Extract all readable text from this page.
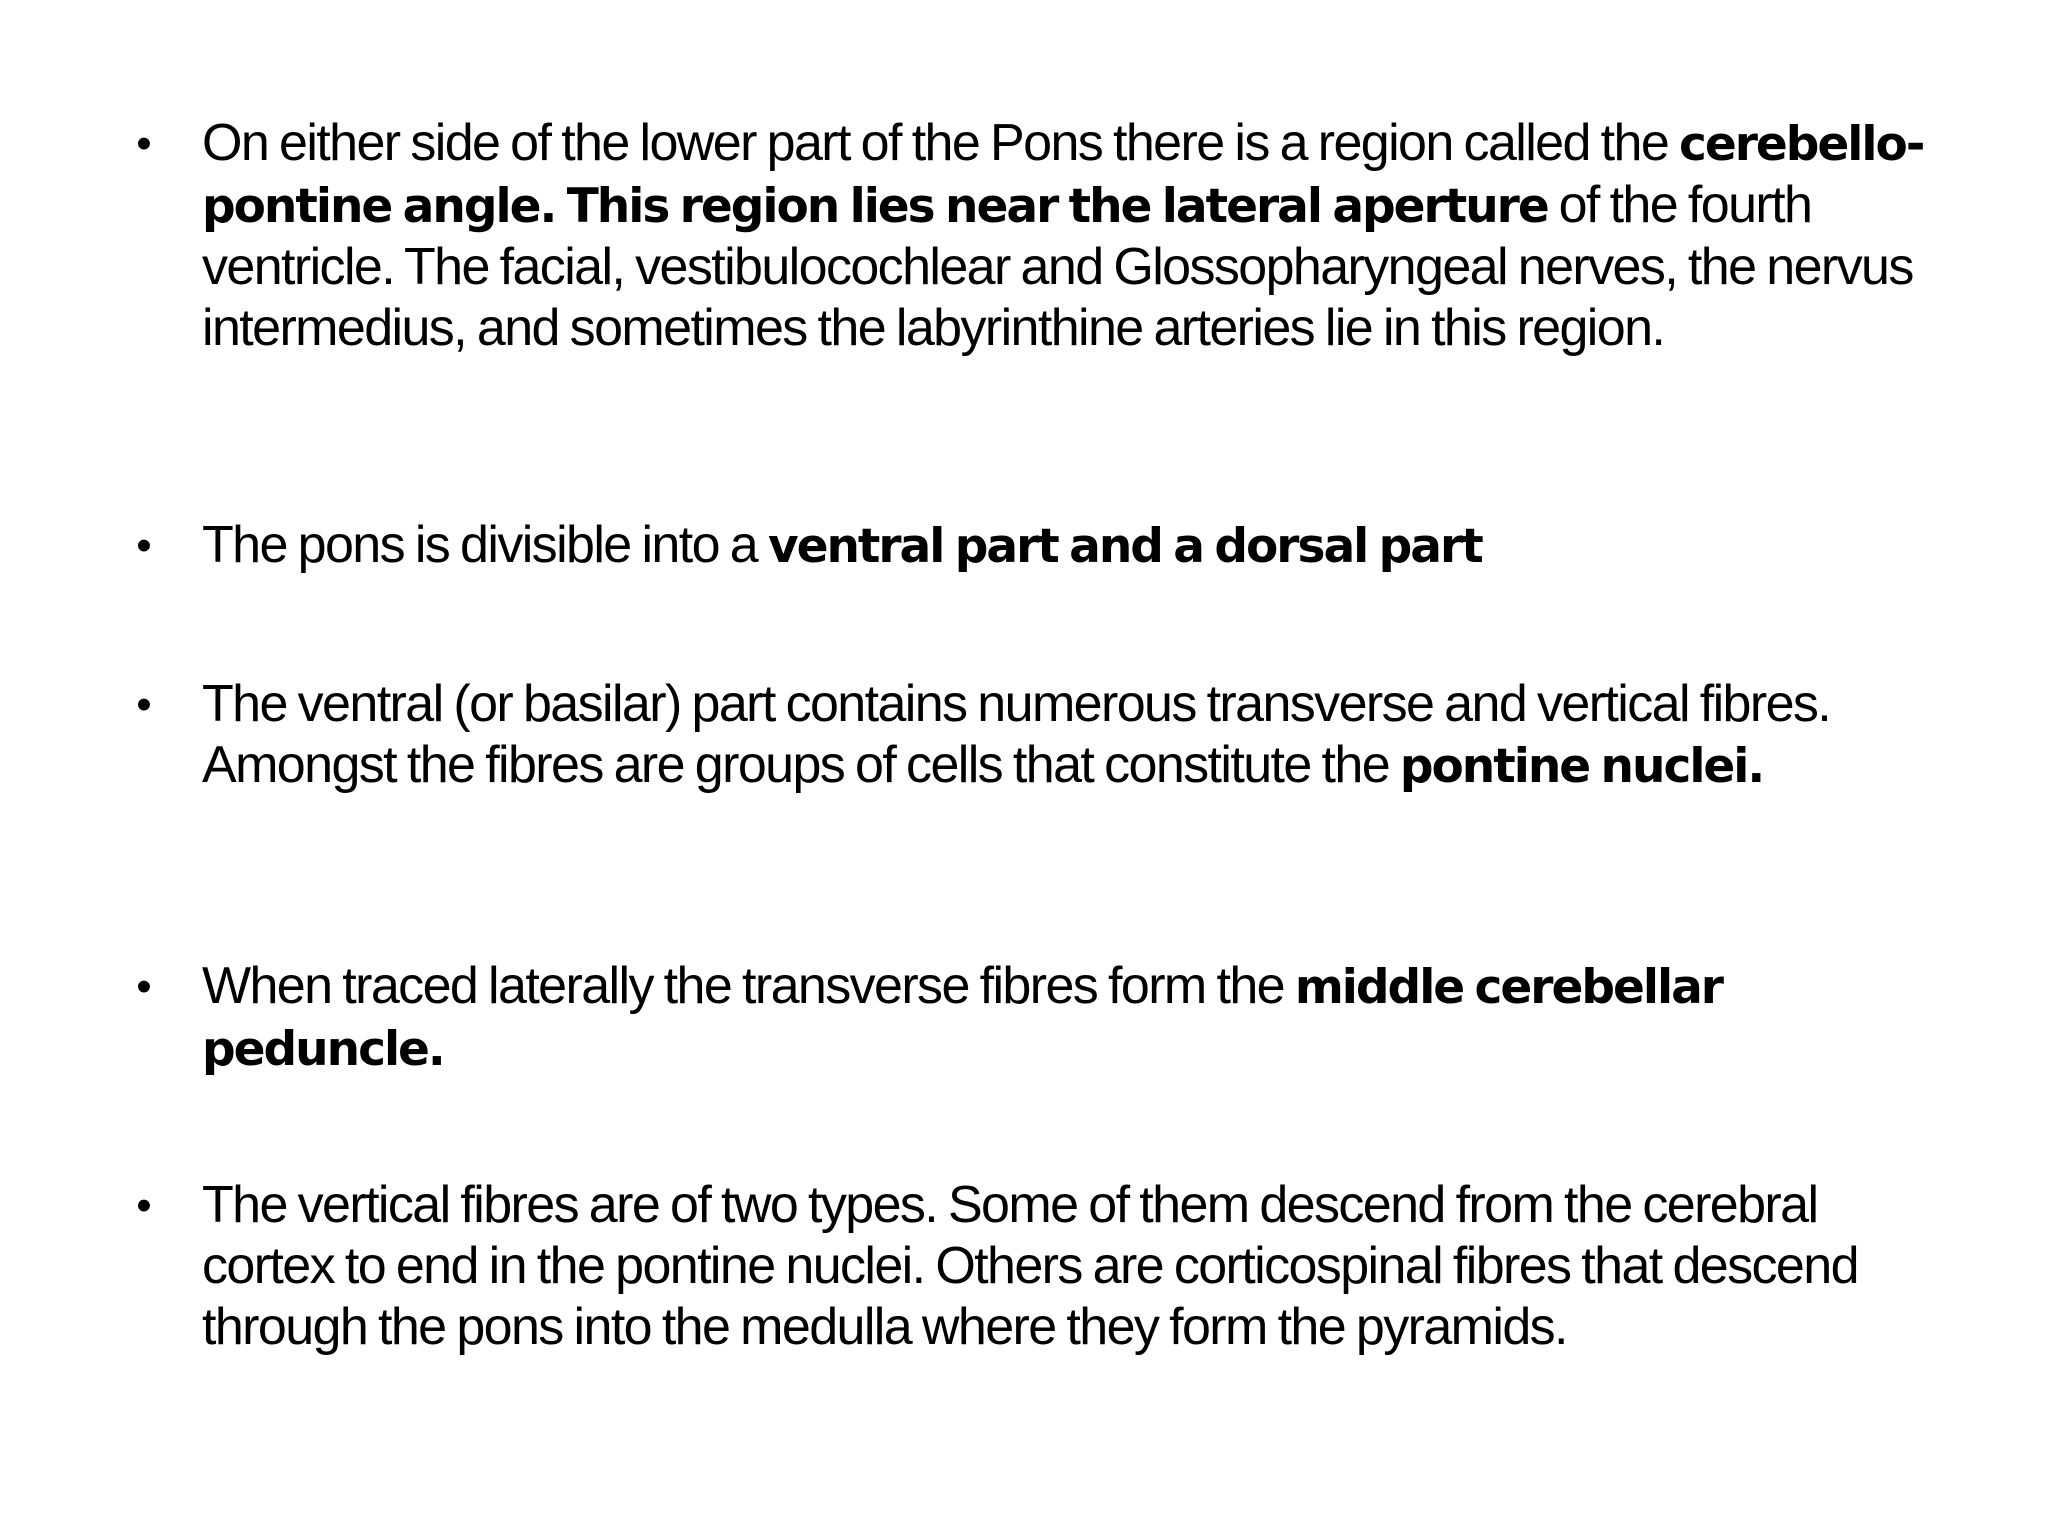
• On either side of the lower part of the Pons there is a region called the cerebello-pontine angle. This region lies near the lateral aperture of the fourth ventricle. The facial, vestibulocochlear and Glossopharyngeal nerves, the nervus intermedius, and sometimes the labyrinthine arteries lie in this region.
• The pons is divisible into a ventral part and a dorsal part
• The ventral (or basilar) part contains numerous transverse and vertical fibres. Amongst the fibres are groups of cells that constitute the pontine nuclei.
• When traced laterally the transverse fibres form the middle cerebellar peduncle.
• The vertical fibres are of two types. Some of them descend from the cerebral cortex to end in the pontine nuclei. Others are corticospinal fibres that descend through the pons into the medulla where they form the pyramids.
